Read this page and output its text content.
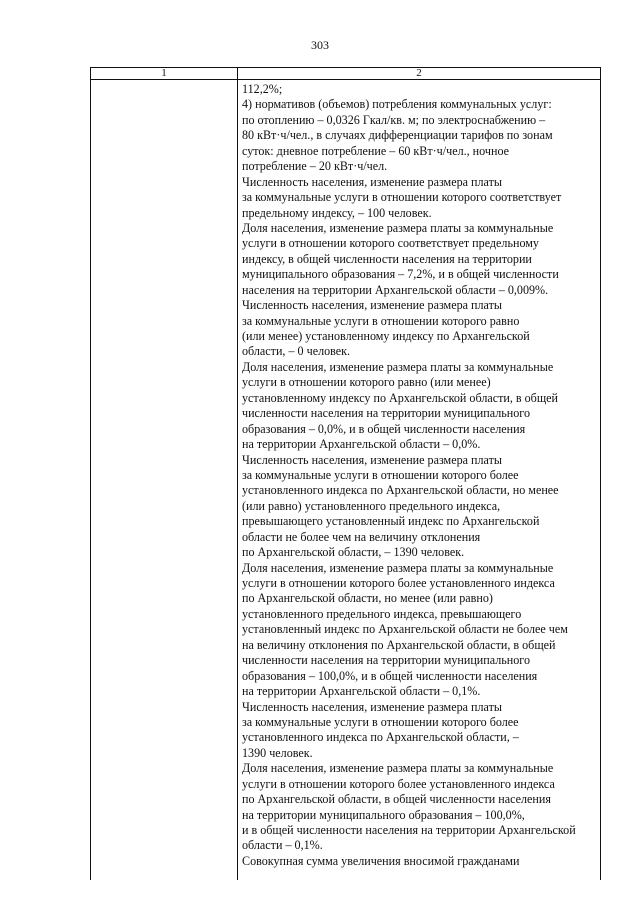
303
1	2
112,2%;
4) нормативов (объемов) потребления коммунальных услуг:
по отоплению – 0,0326 Гкал/кв. м; по электроснабжению –
80 кВт·ч/чел., в случаях дифференциации тарифов по зонам
суток: дневное потребление – 60 кВт·ч/чел., ночное
потребление – 20 кВт·ч/чел.
Численность населения, изменение размера платы
за коммунальные услуги в отношении которого соответствует
предельному индексу, – 100 человек.
Доля населения, изменение размера платы за коммунальные
услуги в отношении которого соответствует предельному
индексу, в общей численности населения на территории
муниципального образования – 7,2%, и в общей численности
населения на территории Архангельской области – 0,009%.
Численность населения, изменение размера платы
за коммунальные услуги в отношении которого равно
(или менее) установленному индексу по Архангельской
области, – 0 человек.
Доля населения, изменение размера платы за коммунальные
услуги в отношении которого равно (или менее)
установленному индексу по Архангельской области, в общей
численности населения на территории муниципального
образования – 0,0%, и в общей численности населения
на территории Архангельской области – 0,0%.
Численность населения, изменение размера платы
за коммунальные услуги в отношении которого более
установленного индекса по Архангельской области, но менее
(или равно) установленного предельного индекса,
превышающего установленный индекс по Архангельской
области не более чем на величину отклонения
по Архангельской области, – 1390 человек.
Доля населения, изменение размера платы за коммунальные
услуги в отношении которого более установленного индекса
по Архангельской области, но менее (или равно)
установленного предельного индекса, превышающего
установленный индекс по Архангельской области не более чем
на величину отклонения по Архангельской области, в общей
численности населения на территории муниципального
образования – 100,0%, и в общей численности населения
на территории Архангельской области – 0,1%.
Численность населения, изменение размера платы
за коммунальные услуги в отношении которого более
установленного индекса по Архангельской области, –
1390 человек.
Доля населения, изменение размера платы за коммунальные
услуги в отношении которого более установленного индекса
по Архангельской области, в общей численности населения
на территории муниципального образования – 100,0%,
и в общей численности населения на территории Архангельской
области – 0,1%.
Совокупная сумма увеличения вносимой гражданами
